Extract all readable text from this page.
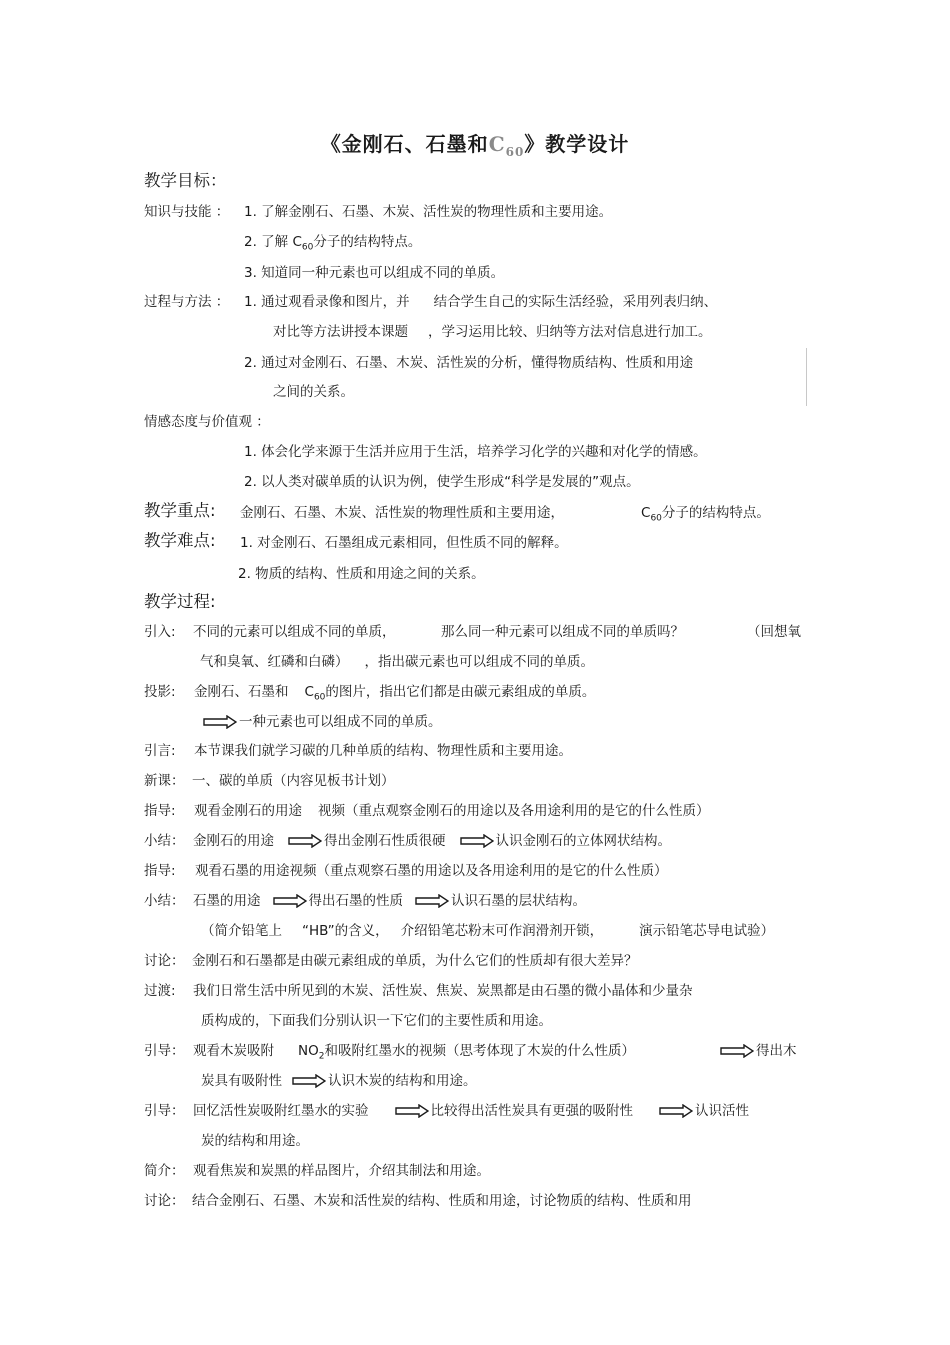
《金刚石、石墨和$C_{60}$》教学设计
教学目标：
知识与技能 ： 1. 了解金刚石、石墨、木炭、活性炭的物理性质和主要用途。
2. 了解 $C_{60}$分子的结构特点。
3. 知道同一种元素也可以组成不同的单质。
过程与方法 ： 1. 通过观看录像和图片，并 结合学生自己的实际生活经验，采用列表归纳、
对比等方法讲授本课题 ，学习运用比较、归纳等方法对信息进行加工。
2. 通过对金刚石、石墨、木炭、活性炭的分析，懂得物质结构、性质和用途
之间的关系。
情感态度与价值观 ：
1. 体会化学来源于生活并应用于生活，培养学习化学的兴趣和对化学的情感。
2. 以人类对碳单质的认识为例，使学生形成“科学是发展的”观点。
教学重点: 金刚石、石墨、木炭、活性炭的物理性质和主要用途，	$C_{60}$分子的结构特点。
教学难点: 1. 对金刚石、石墨组成元素相同，但性质不同的解释。
2. 物质的结构、性质和用途之间的关系。
教学过程:
引入: 不同的元素可以组成不同的单质，	那么同一种元素可以组成不同的单质吗？	（回想氧
气和臭氧、红磷和白磷） ，指出碳元素也可以组成不同的单质。
投影: 金刚石、石墨和 $C_{60}$的图片，指出它们都是由碳元素组成的单质。
一种元素也可以组成不同的单质。
引言: 本节课我们就学习碳的几种单质的结构、物理性质和主要用途。
新课： 一、碳的单质（内容见板书计划）
指导: 观看金刚石的用途 视频（重点观察金刚石的用途以及各用途利用的是它的什么性质）
小结： 金刚石的用途	得出金刚石性质很硬	认识金刚石的立体网状结构。
指导: 观看石墨的用途视频（重点观察石墨的用途以及各用途利用的是它的什么性质）
小结： 石墨的用途	得出石墨的性质	认识石墨的层状结构。
（简介铅笔上 “HB”的含义， 介绍铅笔芯粉末可作润滑剂开锁，	演示铅笔芯导电试验）
讨论： 金刚石和石墨都是由碳元素组成的单质，为什么它们的性质却有很大差异？
过渡: 我们日常生活中所见到的木炭、活性炭、焦炭、炭黑都是由石墨的微小晶体和少量杂
质构成的，下面我们分别认识一下它们的主要性质和用途。
引导： 观看木炭吸附 $NO_2$和吸附红墨水的视频（思考体现了木炭的什么性质）	得出木
炭具有吸附性	认识木炭的结构和用途。
引导： 回忆活性炭吸附红墨水的实验	比较得出活性炭具有更强的吸附性	认识活性
炭的结构和用途。
简介： 观看焦炭和炭黑的样品图片，介绍其制法和用途。
讨论： 结合金刚石、石墨、木炭和活性炭的结构、性质和用途，讨论物质的结构、性质和用
